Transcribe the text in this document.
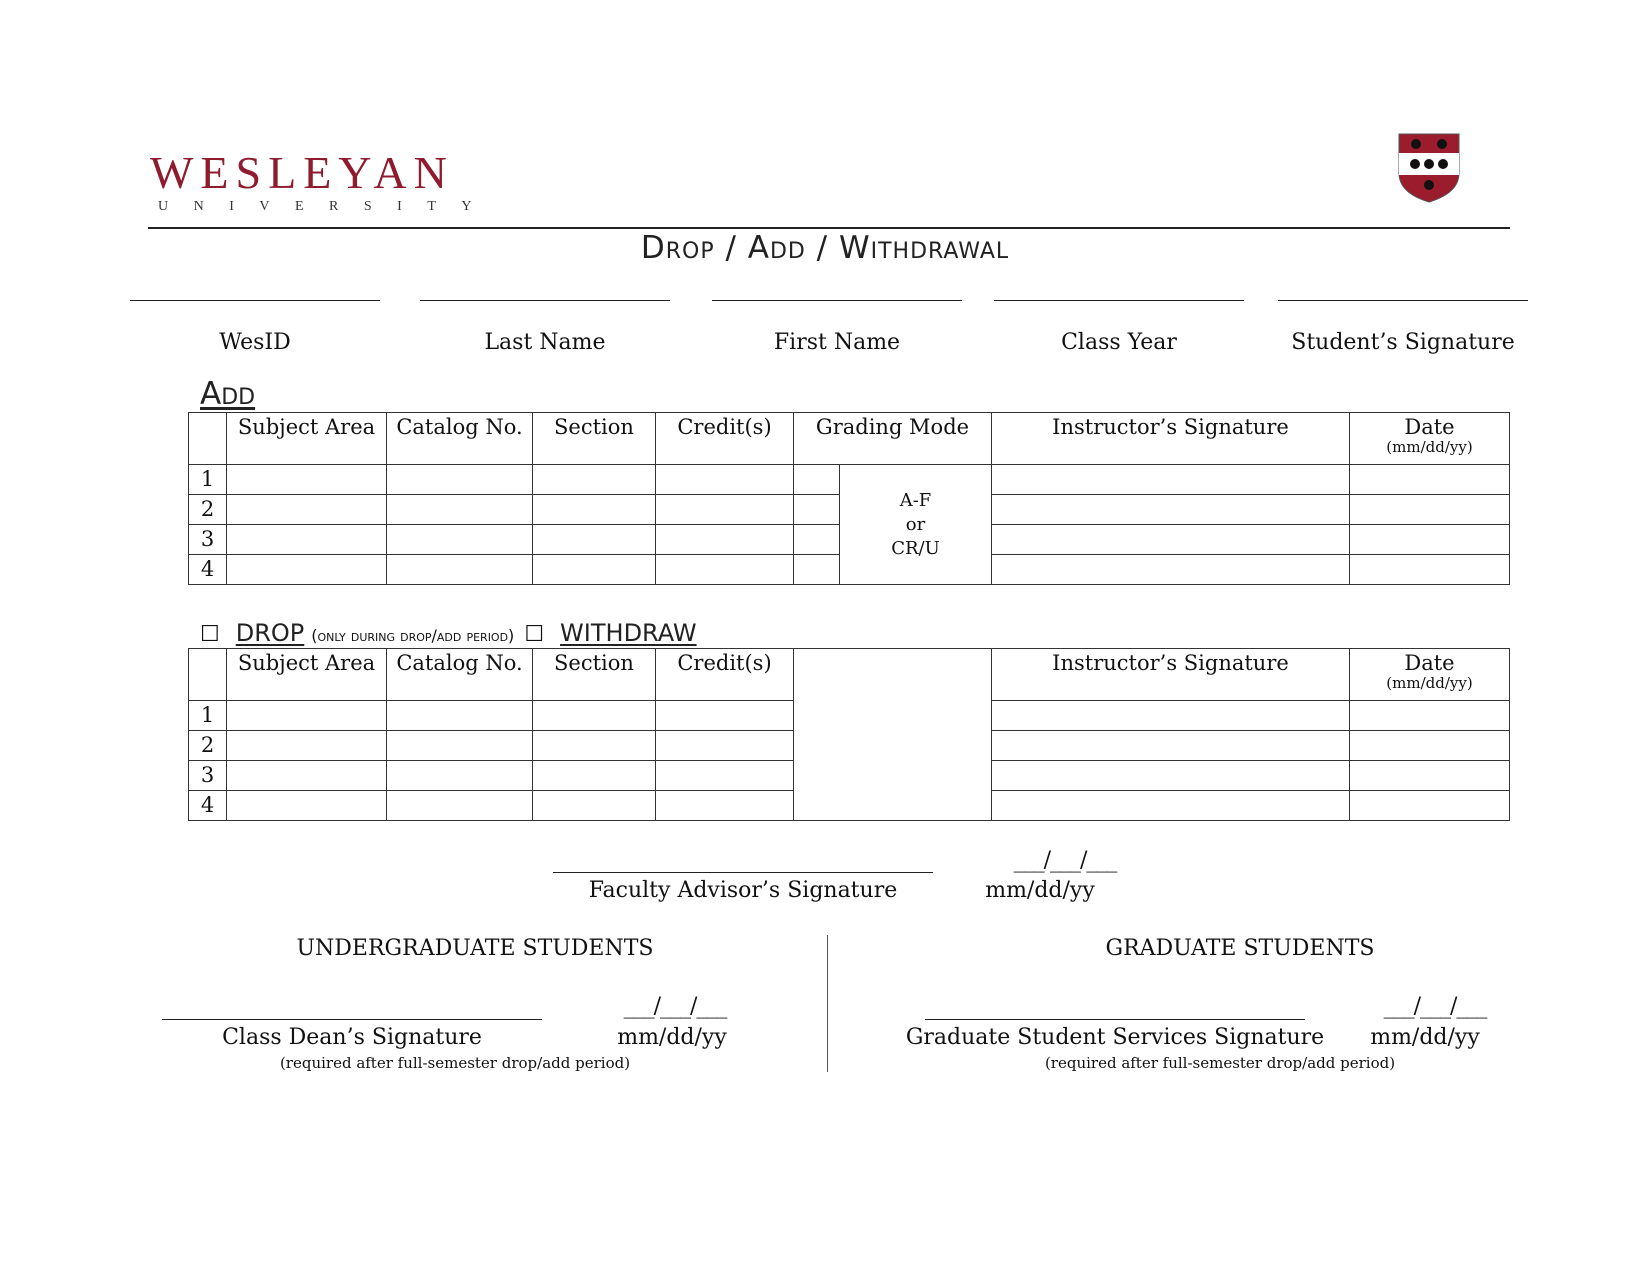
WESLEYAN
UNIVERSITY
Drop / Add / Withdrawal
WesID	Last Name	First Name	Class Year	Student’s Signature
Add

	Subject Area	Catalog No.	Section	Credit(s)	Grading Mode		Instructor’s Signature	Date
(mm/dd/yy)

1						A-F
or
CR/U		

2								
3								
4								
☐ DROP (only during drop/add period) ☐ WITHDRAW

	Subject Area	Catalog No.	Section	Credit(s)		Instructor’s Signature	Date
(mm/dd/yy)

1							
2							
3							
4							
Faculty Advisor’s Signature
___/___/___
mm/dd/yy
UNDERGRADUATE STUDENTS
Class Dean’s Signature
___/___/___
mm/dd/yy
(required after full-semester drop/add period)
GRADUATE STUDENTS
Graduate Student Services Signature
___/___/___
mm/dd/yy
(required after full-semester drop/add period)
